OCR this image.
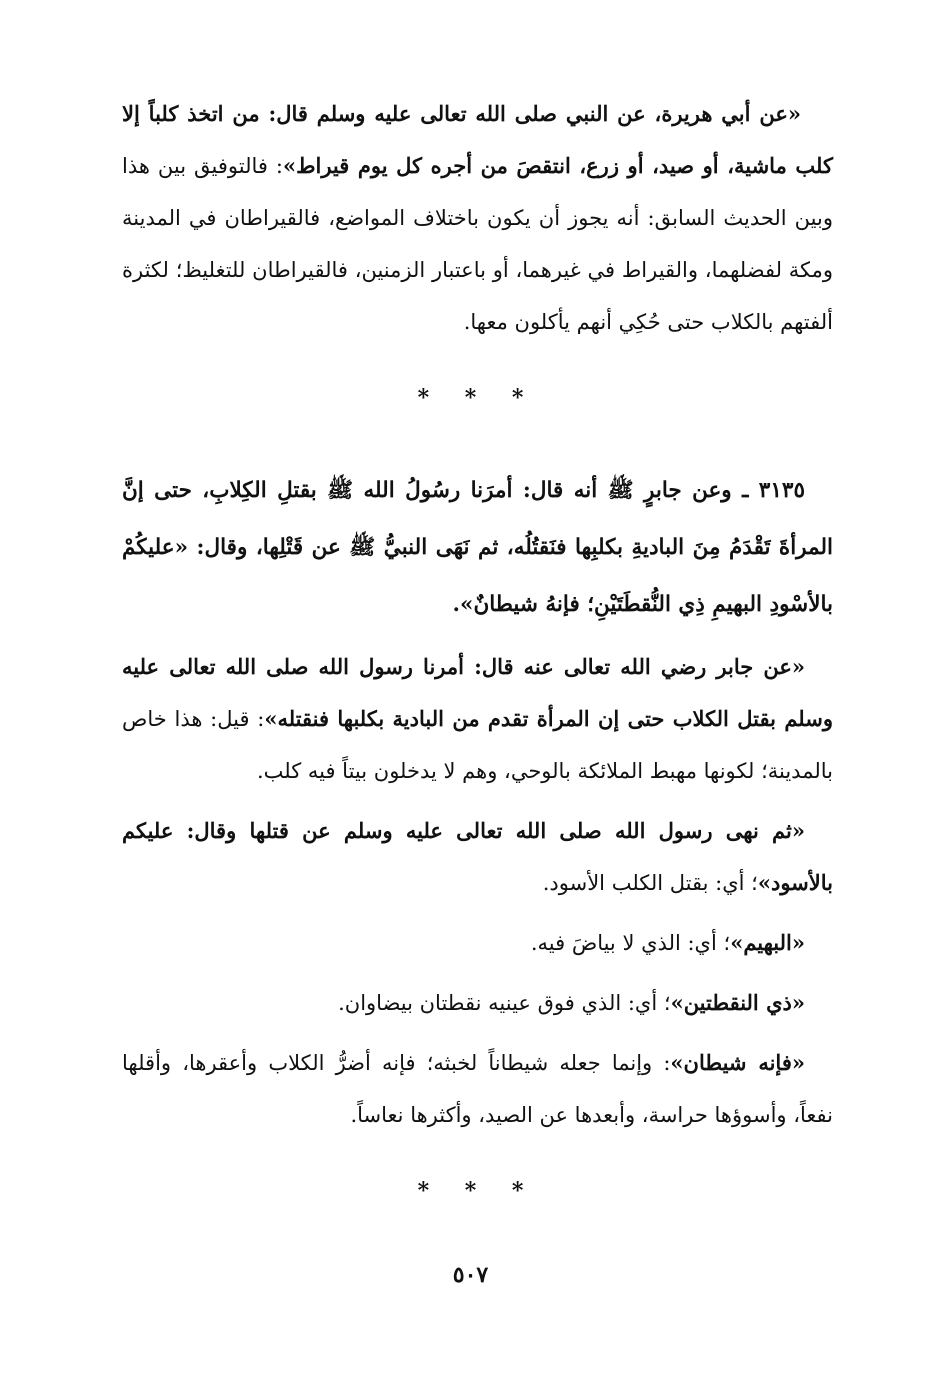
«عن أبي هريرة، عن النبي صلى الله تعالى عليه وسلم قال: من اتخذ كلباً إلا كلب ماشية، أو صيد، أو زرع، انتقصَ من أجره كل يوم قيراط»: فالتوفيق بين هذا وبين الحديث السابق: أنه يجوز أن يكون باختلاف المواضع، فالقيراطان في المدينة ومكة لفضلهما، والقيراط في غيرهما، أو باعتبار الزمنين، فالقيراطان للتغليظ؛ لكثرة ألفتهم بالكلاب حتى حُكِي أنهم يأكلون معها.

* * *

٣١٣٥ ـ وعن جابرٍ ﷺ أنه قال: أمرَنا رسُولُ الله ﷺ بقتلِ الكِلابِ، حتى إنَّ المرأةَ تَقْدَمُ مِنَ الباديةِ بكلبِها فنَقتُلُه، ثم نَهَى النبيُّ ﷺ عن قَتْلِها، وقال: «عليكُمْ بالأسْودِ البهيمِ ذِي النُّقطَتَيْنِ؛ فإنهُ شيطانٌ».

«عن جابر رضي الله تعالى عنه قال: أمرنا رسول الله صلى الله تعالى عليه وسلم بقتل الكلاب حتى إن المرأة تقدم من البادية بكلبها فنقتله»: قيل: هذا خاص بالمدينة؛ لكونها مهبط الملائكة بالوحي، وهم لا يدخلون بيتاً فيه كلب.

«ثم نهى رسول الله صلى الله تعالى عليه وسلم عن قتلها وقال: عليكم بالأسود»؛ أي: بقتل الكلب الأسود.

«البهيم»؛ أي: الذي لا بياضَ فيه.

«ذي النقطتين»؛ أي: الذي فوق عينيه نقطتان بيضاوان.

«فإنه شيطان»: وإنما جعله شيطاناً لخبثه؛ فإنه أضرُّ الكلاب وأعقرها، وأقلها نفعاً، وأسوؤها حراسة، وأبعدها عن الصيد، وأكثرها نعاساً.

* * *
٥٠٧
